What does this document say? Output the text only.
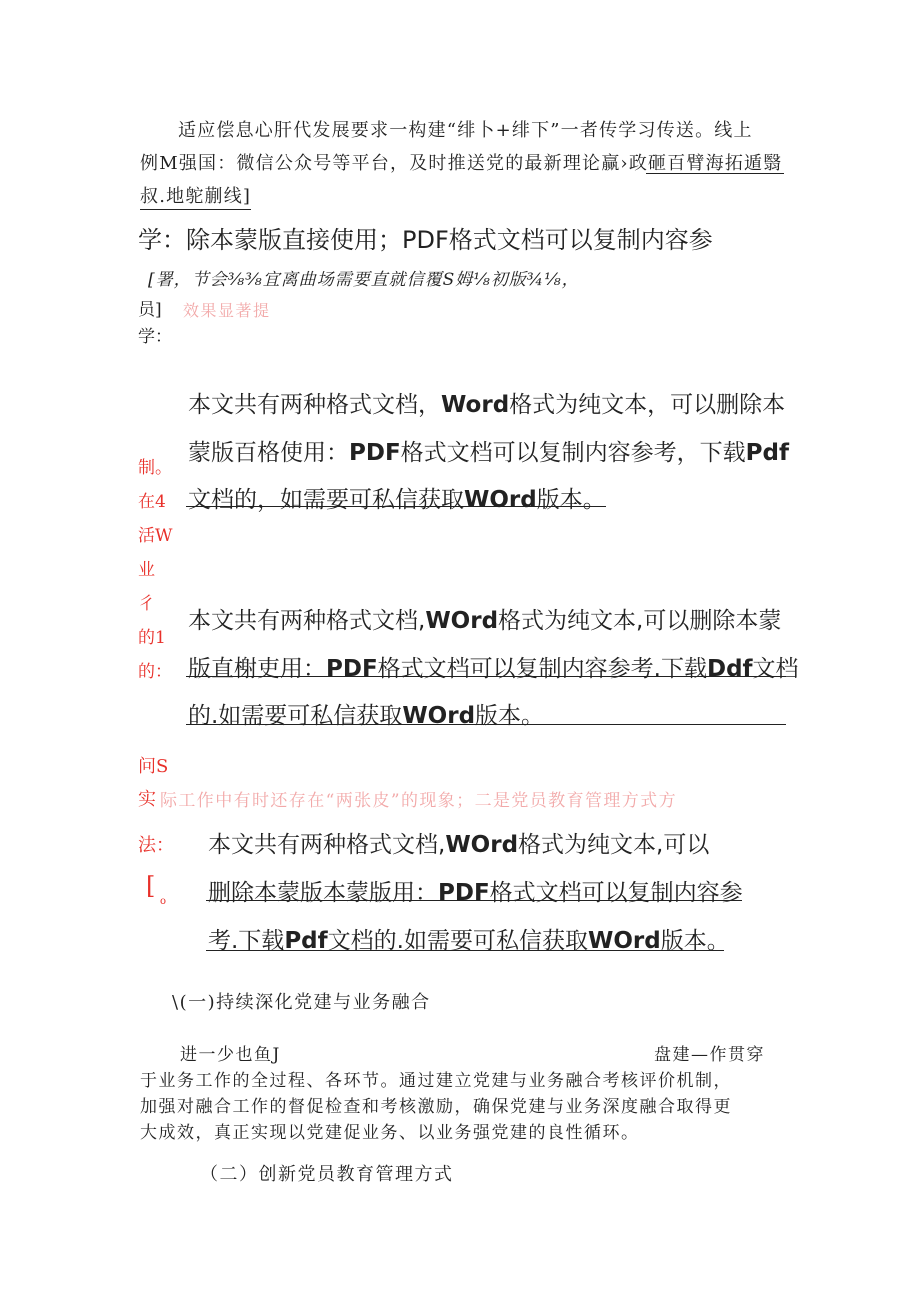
适应偿息心肝代发展要求一构建“绯卜+绯下”一者传学习传送。线上
例M强国：微信公众号等平台，及时推送党的最新理论赢›政砸百臂海拓遁翳
叔.地鸵蒯线]
学：除本蒙版直接使用；PDF格式文档可以复制内容参
[署，节会⅜⅜宜离曲场需要直就信覆S姆⅛初版¾⅛，
员] 效果显著提
学：
本文共有两种格式文档，Word格式为纯文本，可以删除本
蒙版百格使用：PDF格式文档可以复制内容参考，下载Pdf
文档的，如需要可私信获取WOrd版本。
制。
在4
活W
业
彳
的1
的：
本文共有两种格式文档,WOrd格式为纯文本,可以删除本蒙
版直榭吏用：PDF格式文档可以复制内容参考.下载Ddf文档
的.如需要可私信获取WOrd版本。
问S
实 际工作中有时还存在“两张皮”的现象；二是党员教育管理方式方
法：
[
o
本文共有两种格式文档,WOrd格式为纯文本,可以
删除本蒙版本蒙版用：PDF格式文档可以复制内容参
考.下载Pdf文档的.如需要可私信获取WOrd版本。
\(一)持续深化党建与业务融合
进一少也鱼J	盘建—作贯穿
于业务工作的全过程、各环节。通过建立党建与业务融合考核评价机制，
加强对融合工作的督促检查和考核激励，确保党建与业务深度融合取得更
大成效，真正实现以党建促业务、以业务强党建的良性循环。
（二）创新党员教育管理方式
